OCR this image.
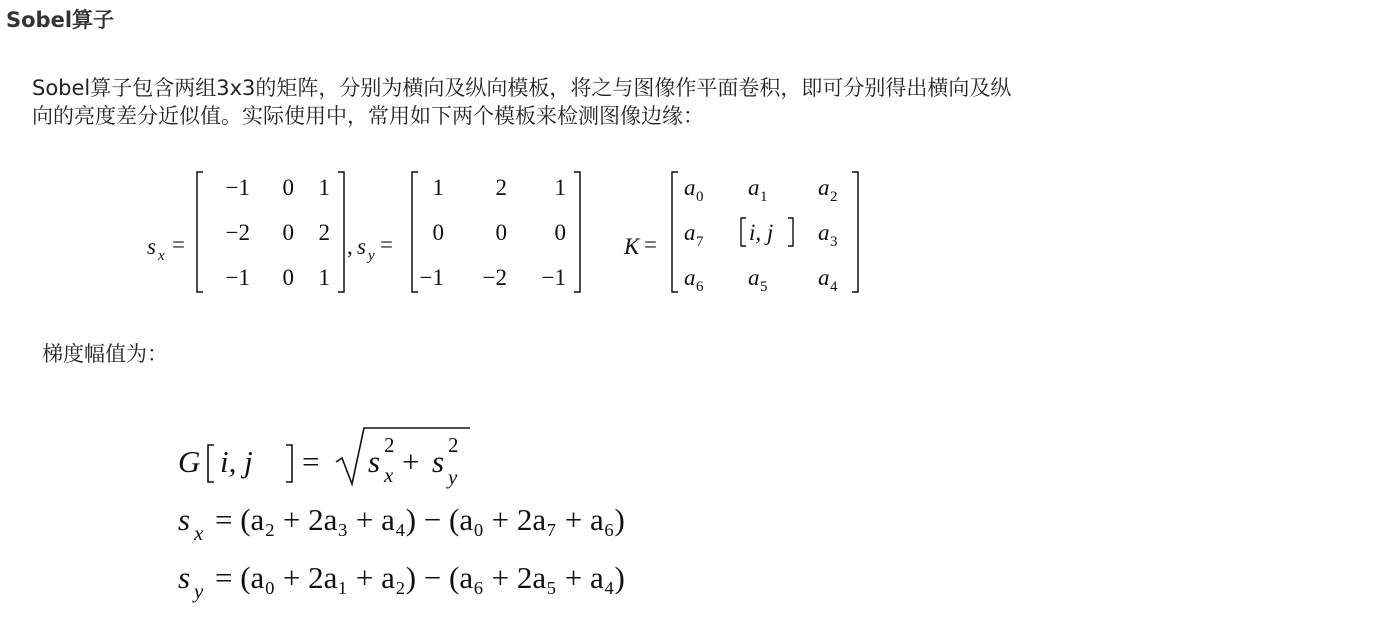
Sobel算子
Sobel算子包含两组3x3的矩阵，分别为横向及纵向模板，将之与图像作平面卷积，即可分别得出横向及纵
向的亮度差分近似值。实际使用中，常用如下两个模板来检测图像边缘：
s x =
−1 0 1
−2 0 2
−1 0 1
, s y =
1 2 1
0 0 0
−1 −2 −1
K =
a 0 a 1 a 2
a 7 i, j a 3
a 6 a 5 a 4
梯度幅值为：
G i, j = s 2
x + s 2
y
s x = (a₂ + 2a₃ + a₄) − (a₀ + 2a₇ + a₆)
s y = (a₀ + 2a₁ + a₂) − (a₆ + 2a₅ + a₄)
